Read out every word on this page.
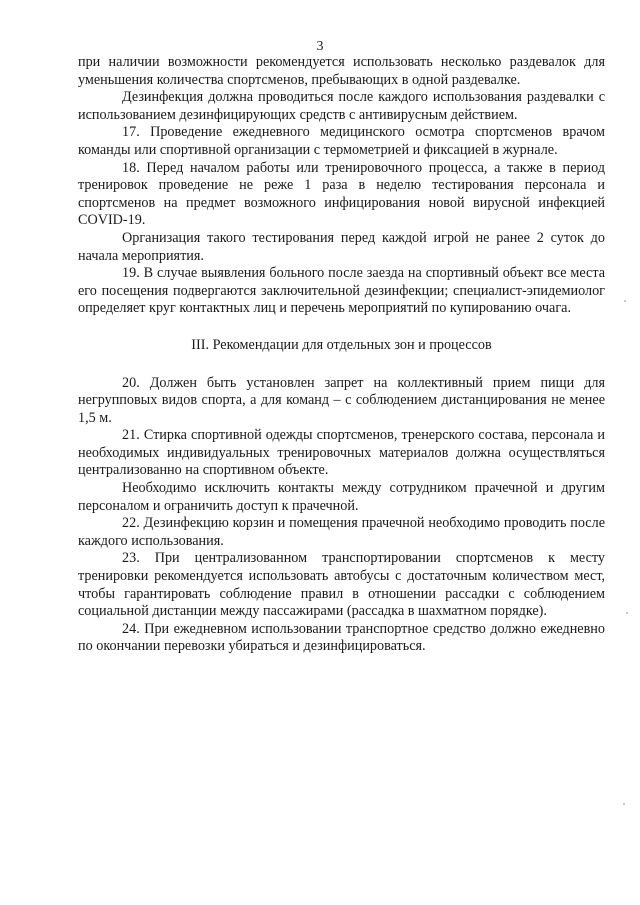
3

при наличии возможности рекомендуется использовать несколько раздевалок для уменьшения количества спортсменов, пребывающих в одной раздевалке.

Дезинфекция должна проводиться после каждого использования раздевалки с использованием дезинфицирующих средств с антивирусным действием.

17. Проведение ежедневного медицинского осмотра спортсменов врачом команды или спортивной организации с термометрией и фиксацией в журнале.

18. Перед началом работы или тренировочного процесса, а также в период тренировок проведение не реже 1 раза в неделю тестирования персонала и спортсменов на предмет возможного инфицирования новой вирусной инфекцией COVID-19.

Организация такого тестирования перед каждой игрой не ранее 2 суток до начала мероприятия.

19. В случае выявления больного после заезда на спортивный объект все места его посещения подвергаются заключительной дезинфекции; специалист-эпидемиолог определяет круг контактных лиц и перечень мероприятий по купированию очага.

III. Рекомендации для отдельных зон и процессов

20. Должен быть установлен запрет на коллективный прием пищи для негрупповых видов спорта, а для команд – с соблюдением дистанцирования не менее 1,5 м.

21. Стирка спортивной одежды спортсменов, тренерского состава, персонала и необходимых индивидуальных тренировочных материалов должна осуществляться централизованно на спортивном объекте.

Необходимо исключить контакты между сотрудником прачечной и другим персоналом и ограничить доступ к прачечной.

22. Дезинфекцию корзин и помещения прачечной необходимо проводить после каждого использования.

23. При централизованном транспортировании спортсменов к месту тренировки рекомендуется использовать автобусы с достаточным количеством мест, чтобы гарантировать соблюдение правил в отношении рассадки с соблюдением социальной дистанции между пассажирами (рассадка в шахматном порядке).

24. При ежедневном использовании транспортное средство должно ежедневно по окончании перевозки убираться и дезинфицироваться.
